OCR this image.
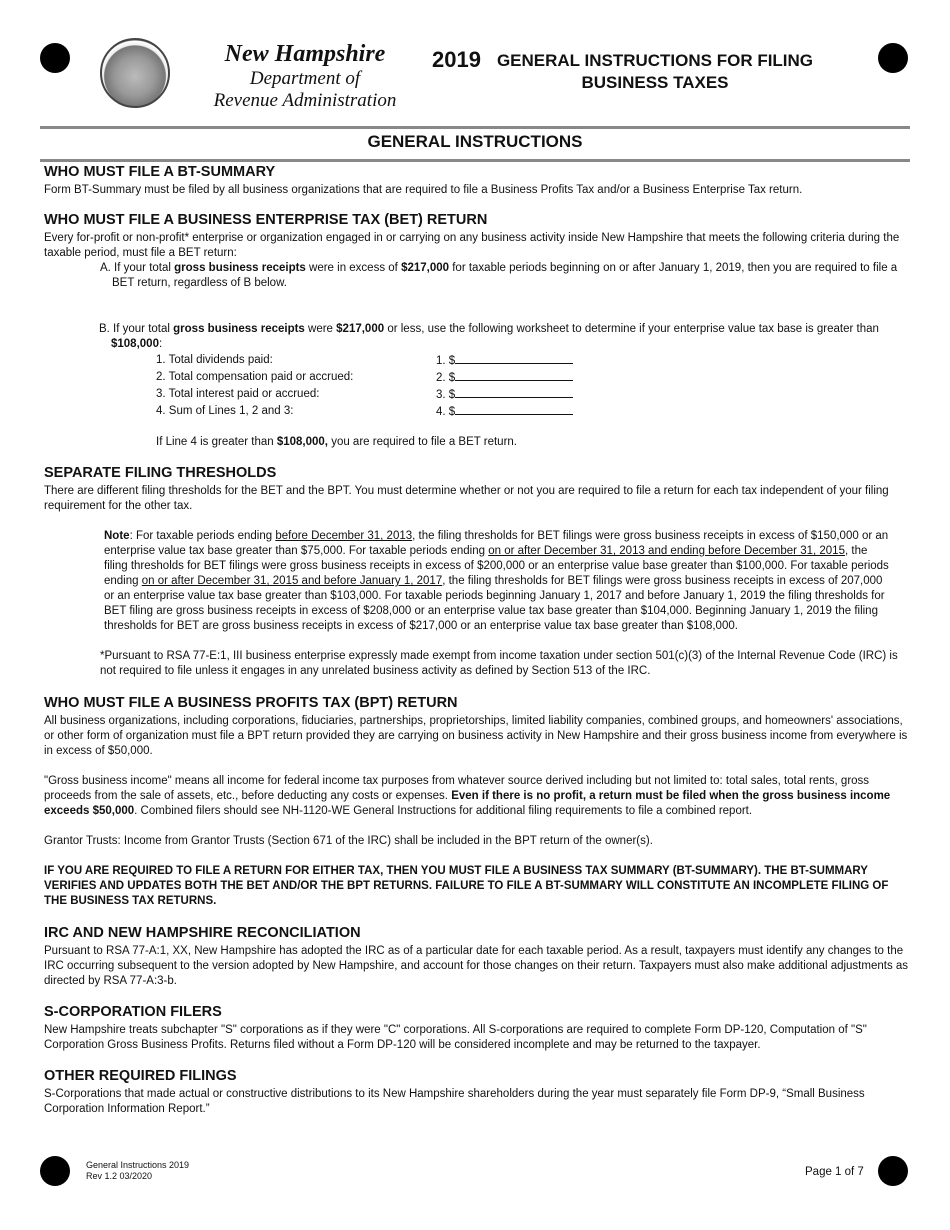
New Hampshire
Department of
Revenue Administration
2019 GENERAL INSTRUCTIONS FOR FILING
BUSINESS TAXES
GENERAL INSTRUCTIONS
WHO MUST FILE A BT-SUMMARY

Form BT-Summary must be filed by all business organizations that are required to file a Business Profits Tax and/or a Business Enterprise Tax return.

WHO MUST FILE A BUSINESS ENTERPRISE TAX (BET) RETURN

Every for-profit or non-profit* enterprise or organization engaged in or carrying on any business activity inside New Hampshire that meets the following criteria during the taxable period, must file a BET return:

A. If your total gross business receipts were in excess of $217,000 for taxable periods beginning on or after January 1, 2019, then you are required to file a BET return, regardless of B below.

B. If your total gross business receipts were $217,000 or less, use the following worksheet to determine if your enterprise value tax base is greater than $108,000:

1. Total dividends paid:	1. $
2. Total compensation paid or accrued:	2. $
3. Total interest paid or accrued:	3. $
4. Sum of Lines 1, 2 and 3:	4. $

If Line 4 is greater than $108,000, you are required to file a BET return.

SEPARATE FILING THRESHOLDS

There are different filing thresholds for the BET and the BPT. You must determine whether or not you are required to file a return for each tax independent of your filing requirement for the other tax.

Note: For taxable periods ending before December 31, 2013, the filing thresholds for BET filings were gross business receipts in excess of $150,000 or an enterprise value tax base greater than $75,000. For taxable periods ending on or after December 31, 2013 and ending before December 31, 2015, the filing thresholds for BET filings were gross business receipts in excess of $200,000 or an enterprise value base greater than $100,000. For taxable periods ending on or after December 31, 2015 and before January 1, 2017, the filing thresholds for BET filings were gross business receipts in excess of 207,000 or an enterprise value tax base greater than $103,000. For taxable periods beginning January 1, 2017 and before January 1, 2019 the filing thresholds for BET filing are gross business receipts in excess of $208,000 or an enterprise value tax base greater than $104,000. Beginning January 1, 2019 the filing thresholds for BET are gross business receipts in excess of $217,000 or an enterprise value tax base greater than $108,000.

*Pursuant to RSA 77-E:1, III business enterprise expressly made exempt from income taxation under section 501(c)(3) of the Internal Revenue Code (IRC) is not required to file unless it engages in any unrelated business activity as defined by Section 513 of the IRC.

WHO MUST FILE A BUSINESS PROFITS TAX (BPT) RETURN

All business organizations, including corporations, fiduciaries, partnerships, proprietorships, limited liability companies, combined groups, and homeowners' associations, or other form of organization must file a BPT return provided they are carrying on business activity in New Hampshire and their gross business income from everywhere is in excess of $50,000.

"Gross business income" means all income for federal income tax purposes from whatever source derived including but not limited to: total sales, total rents, gross proceeds from the sale of assets, etc., before deducting any costs or expenses. Even if there is no profit, a return must be filed when the gross business income exceeds $50,000. Combined filers should see NH-1120-WE General Instructions for additional filing requirements to file a combined report.

Grantor Trusts: Income from Grantor Trusts (Section 671 of the IRC) shall be included in the BPT return of the owner(s).

IF YOU ARE REQUIRED TO FILE A RETURN FOR EITHER TAX, THEN YOU MUST FILE A BUSINESS TAX SUMMARY (BT-SUMMARY). THE BT-SUMMARY VERIFIES AND UPDATES BOTH THE BET AND/OR THE BPT RETURNS. FAILURE TO FILE A BT-SUMMARY WILL CONSTITUTE AN INCOMPLETE FILING OF THE BUSINESS TAX RETURNS.

IRC AND NEW HAMPSHIRE RECONCILIATION

Pursuant to RSA 77-A:1, XX, New Hampshire has adopted the IRC as of a particular date for each taxable period. As a result, taxpayers must identify any changes to the IRC occurring subsequent to the version adopted by New Hampshire, and account for those changes on their return. Taxpayers must also make additional adjustments as directed by RSA 77-A:3-b.

S-CORPORATION FILERS

New Hampshire treats subchapter "S" corporations as if they were "C" corporations. All S-corporations are required to complete Form DP-120, Computation of "S" Corporation Gross Business Profits. Returns filed without a Form DP-120 will be considered incomplete and may be returned to the taxpayer.

OTHER REQUIRED FILINGS

S-Corporations that made actual or constructive distributions to its New Hampshire shareholders during the year must separately file Form DP-9, “Small Business Corporation Information Report.”

General Instructions 2019
Rev 1.2 03/2020	Page 1 of 7
